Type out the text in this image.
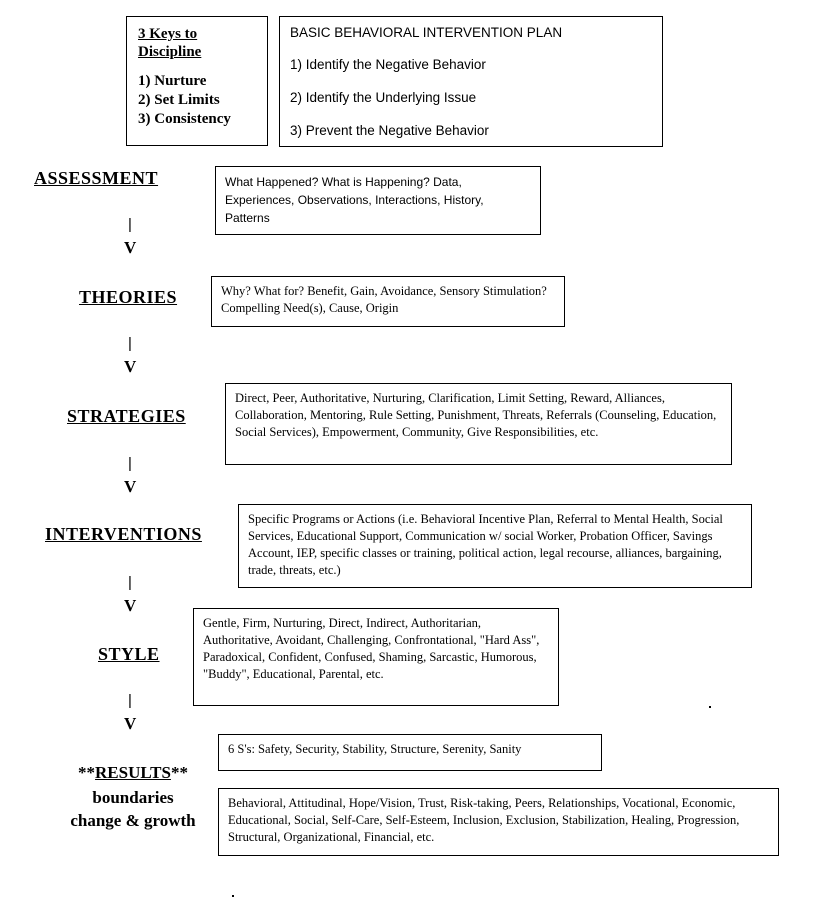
3 Keys to
Discipline
1) Nurture
2) Set Limits
3) Consistency
BASIC BEHAVIORAL INTERVENTION PLAN
1) Identify the Negative Behavior
2) Identify the Underlying Issue
3) Prevent the Negative Behavior
ASSESSMENT	What Happened? What is Happening? Data, Experiences, Observations, Interactions, History, Patterns
|
V
THEORIES	Why? What for? Benefit, Gain, Avoidance, Sensory Stimulation? Compelling Need(s), Cause, Origin
|
V
STRATEGIES
Direct, Peer, Authoritative, Nurturing, Clarification, Limit Setting, Reward, Alliances, Collaboration, Mentoring, Rule Setting, Punishment, Threats, Referrals (Counseling, Education, Social Services), Empowerment, Community, Give Responsibilities, etc.
|
V
INTERVENTIONS
Specific Programs or Actions (i.e. Behavioral Incentive Plan, Referral to Mental Health, Social Services, Educational Support, Communication w/ social Worker, Probation Officer, Savings Account, IEP, specific classes or training, political action, legal recourse, alliances, bargaining, trade, threats, etc.)
|
V
STYLE
Gentle, Firm, Nurturing, Direct, Indirect, Authoritarian, Authoritative, Avoidant, Challenging, Confrontational, "Hard Ass", Paradoxical, Confident, Confused, Shaming, Sarcastic, Humorous, "Buddy", Educational, Parental, etc.
|
V
**RESULTS**
boundaries
change & growth
6 S's: Safety, Security, Stability, Structure, Serenity, Sanity
Behavioral, Attitudinal, Hope/Vision, Trust, Risk-taking, Peers, Relationships, Vocational, Economic, Educational, Social, Self-Care, Self-Esteem, Inclusion, Exclusion, Stabilization, Healing, Progression, Structural, Organizational, Financial, etc.
